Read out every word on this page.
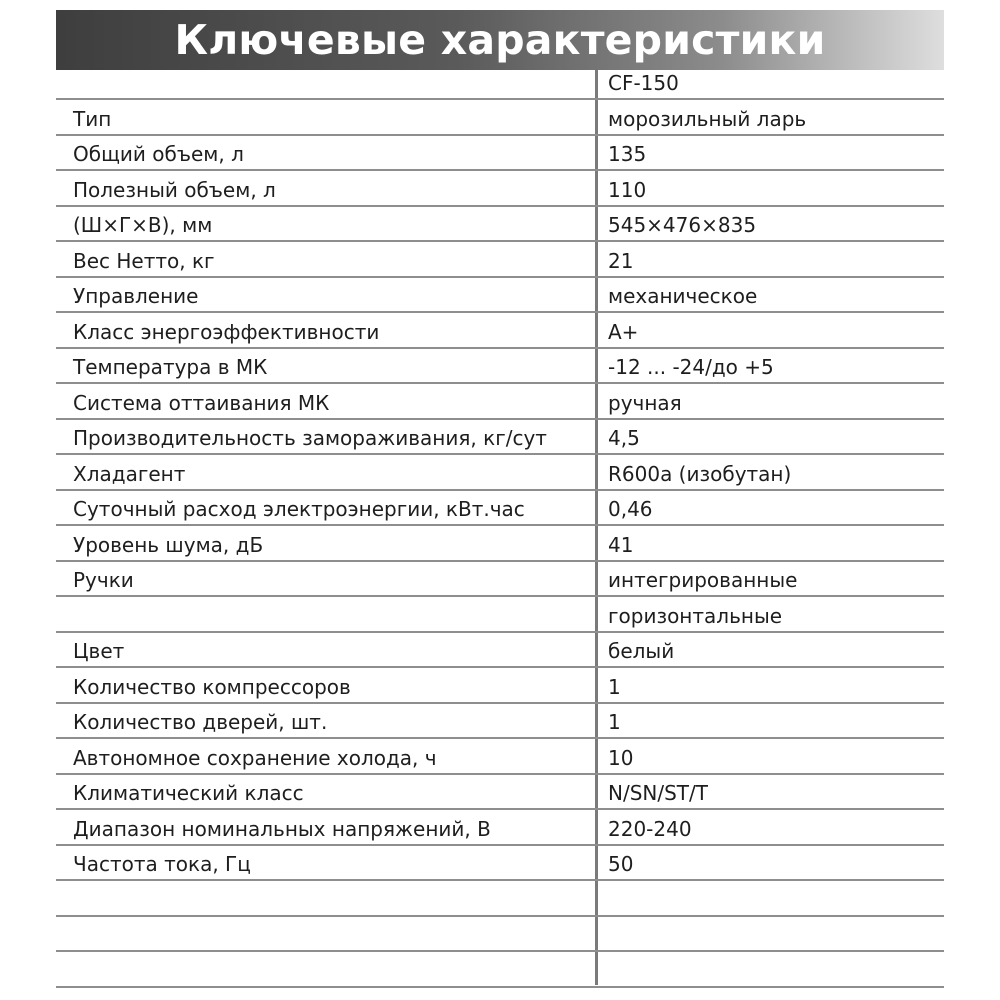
Ключевые характеристики
CF-150
Тип	морозильный ларь
Общий объем, л	135
Полезный объем, л	110
(Ш×Г×В), мм	545×476×835
Вес Нетто, кг	21
Управление	механическое
Класс энергоэффективности	A+
Температура в МК	-12 ... -24/до +5
Система оттаивания МК	ручная
Производительность замораживания, кг/сут	4,5
Хладагент	R600a (изобутан)
Суточный расход электроэнергии, кВт.час	0,46
Уровень шума, дБ	41
Ручки	интегрированные
горизонтальные
Цвет	белый
Количество компрессоров	1
Количество дверей, шт.	1
Автономное сохранение холода, ч	10
Климатический класс	N/SN/ST/T
Диапазон номинальных напряжений, В	220-240
Частота тока, Гц	50
